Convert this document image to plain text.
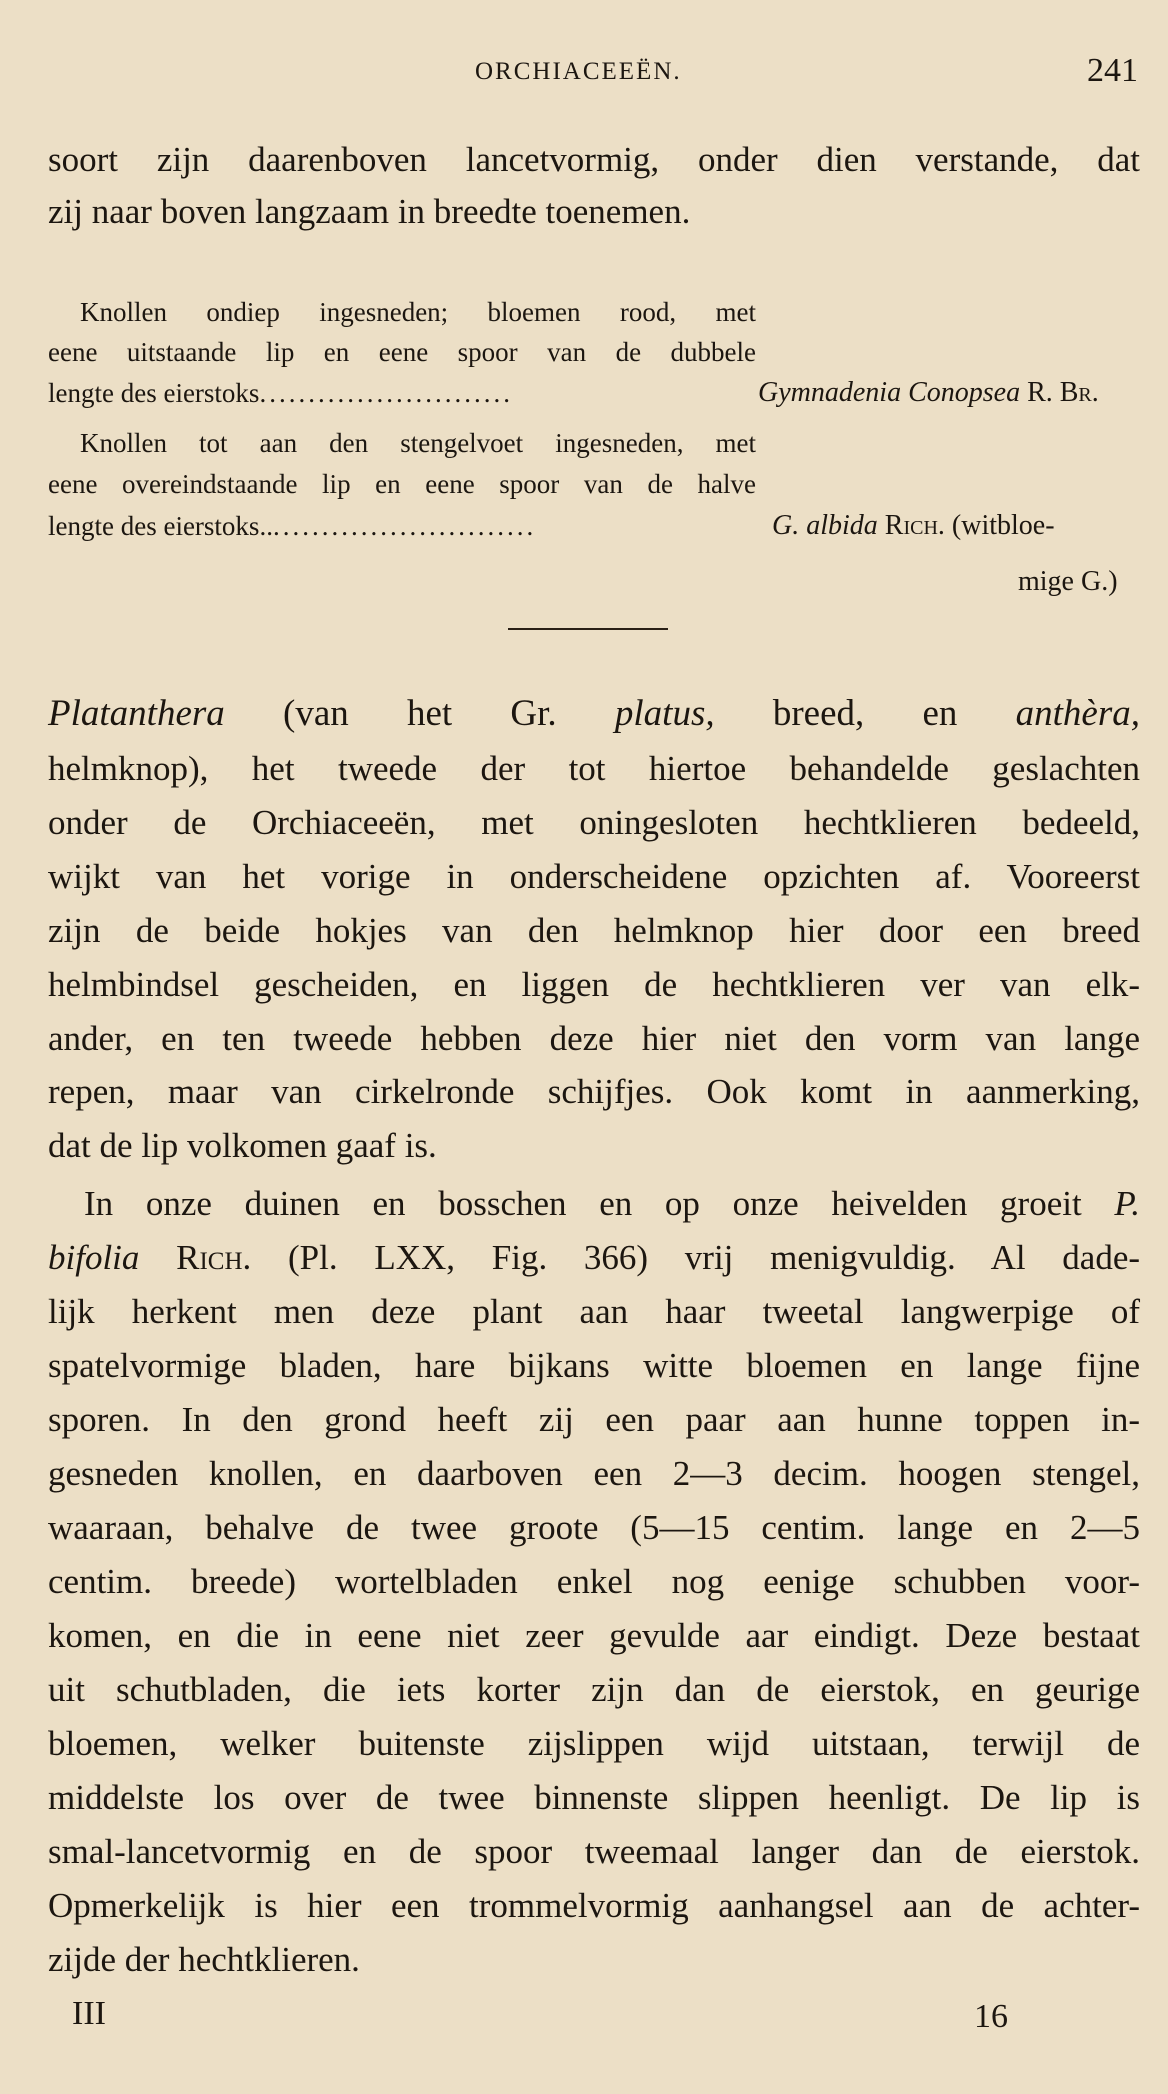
ORCHIACEEËN.	241
soort zijn daarenboven lancetvormig, onder dien verstande, dat
zij naar boven langzaam in breedte toenemen.
Knollen ondiep ingesneden; bloemen rood, met
eene uitstaande lip en eene spoor van de dubbele
lengte des eierstoks..........................	Gymnadenia Conopsea R. Br.
Knollen tot aan den stengelvoet ingesneden, met
eene overeindstaande lip en eene spoor van de halve
lengte des eierstoks.............................	G. albida Rich. (witbloe-
mige G.)
Platanthera (van het Gr. platus, breed, en anthèra,
helmknop), het tweede der tot hiertoe behandelde geslachten
onder de Orchiaceeën, met oningesloten hechtklieren bedeeld,
wijkt van het vorige in onderscheidene opzichten af. Vooreerst
zijn de beide hokjes van den helmknop hier door een breed
helmbindsel gescheiden, en liggen de hechtklieren ver van elk-
ander, en ten tweede hebben deze hier niet den vorm van lange
repen, maar van cirkelronde schijfjes. Ook komt in aanmerking,
dat de lip volkomen gaaf is.
In onze duinen en bosschen en op onze heivelden groeit P.
bifolia Rich. (Pl. LXX, Fig. 366) vrij menigvuldig. Al dade-
lijk herkent men deze plant aan haar tweetal langwerpige of
spatelvormige bladen, hare bijkans witte bloemen en lange fijne
sporen. In den grond heeft zij een paar aan hunne toppen in-
gesneden knollen, en daarboven een 2—3 decim. hoogen stengel,
waaraan, behalve de twee groote (5—15 centim. lange en 2—5
centim. breede) wortelbladen enkel nog eenige schubben voor-
komen, en die in eene niet zeer gevulde aar eindigt. Deze bestaat
uit schutbladen, die iets korter zijn dan de eierstok, en geurige
bloemen, welker buitenste zijslippen wijd uitstaan, terwijl de
middelste los over de twee binnenste slippen heenligt. De lip is
smal-lancetvormig en de spoor tweemaal langer dan de eierstok.
Opmerkelijk is hier een trommelvormig aanhangsel aan de achter-
zijde der hechtklieren.
III	16
